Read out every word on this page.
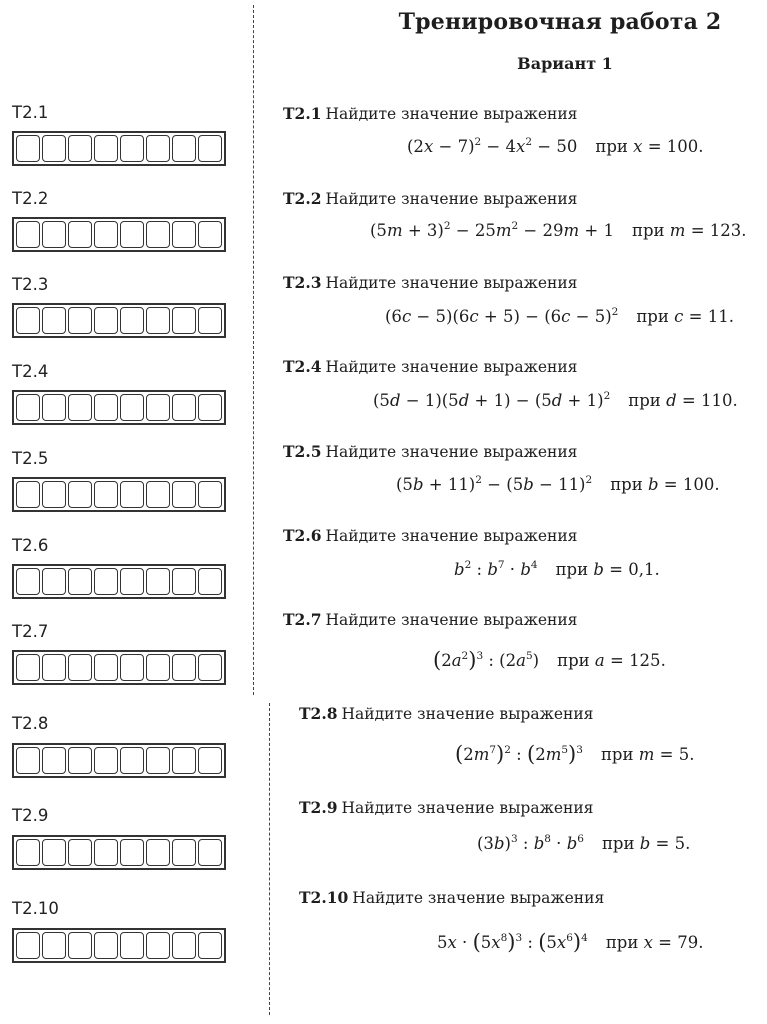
Тренировочная работа 2
Вариант 1
T2.1
T2.2
T2.3
T2.4
T2.5
T2.6
T2.7
T2.8
T2.9
T2.10
T2.1 Найдите значение выражения
$(2x - 7)^2 - 4x^2 - 50$ при x = 100.
T2.2 Найдите значение выражения
$(5m + 3)^2 - 25m^2 - 29m + 1$ при m = 123.
T2.3 Найдите значение выражения
$(6c - 5)(6c + 5) - (6c - 5)^2$ при c = 11.
T2.4 Найдите значение выражения
$(5d - 1)(5d + 1) - (5d + 1)^2$ при d = 110.
T2.5 Найдите значение выражения
$(5b + 11)^2 - (5b - 11)^2$ при b = 100.
T2.6 Найдите значение выражения
$b^2$ : $b^7 \cdot b^4$ при b = 0,1.
T2.7 Найдите значение выражения
$(2a^2)^3$ : $(2a^5)$ при a = 125.
T2.8 Найдите значение выражения
$(2m^7)^2$ : $(2m^5)^3$ при m = 5.
T2.9 Найдите значение выражения
$(3b)^3$ : $b^8 \cdot b^6$ при b = 5.
T2.10 Найдите значение выражения
$5x \cdot (5x^8)^3$ : $(5x^6)^4$ при x = 79.
